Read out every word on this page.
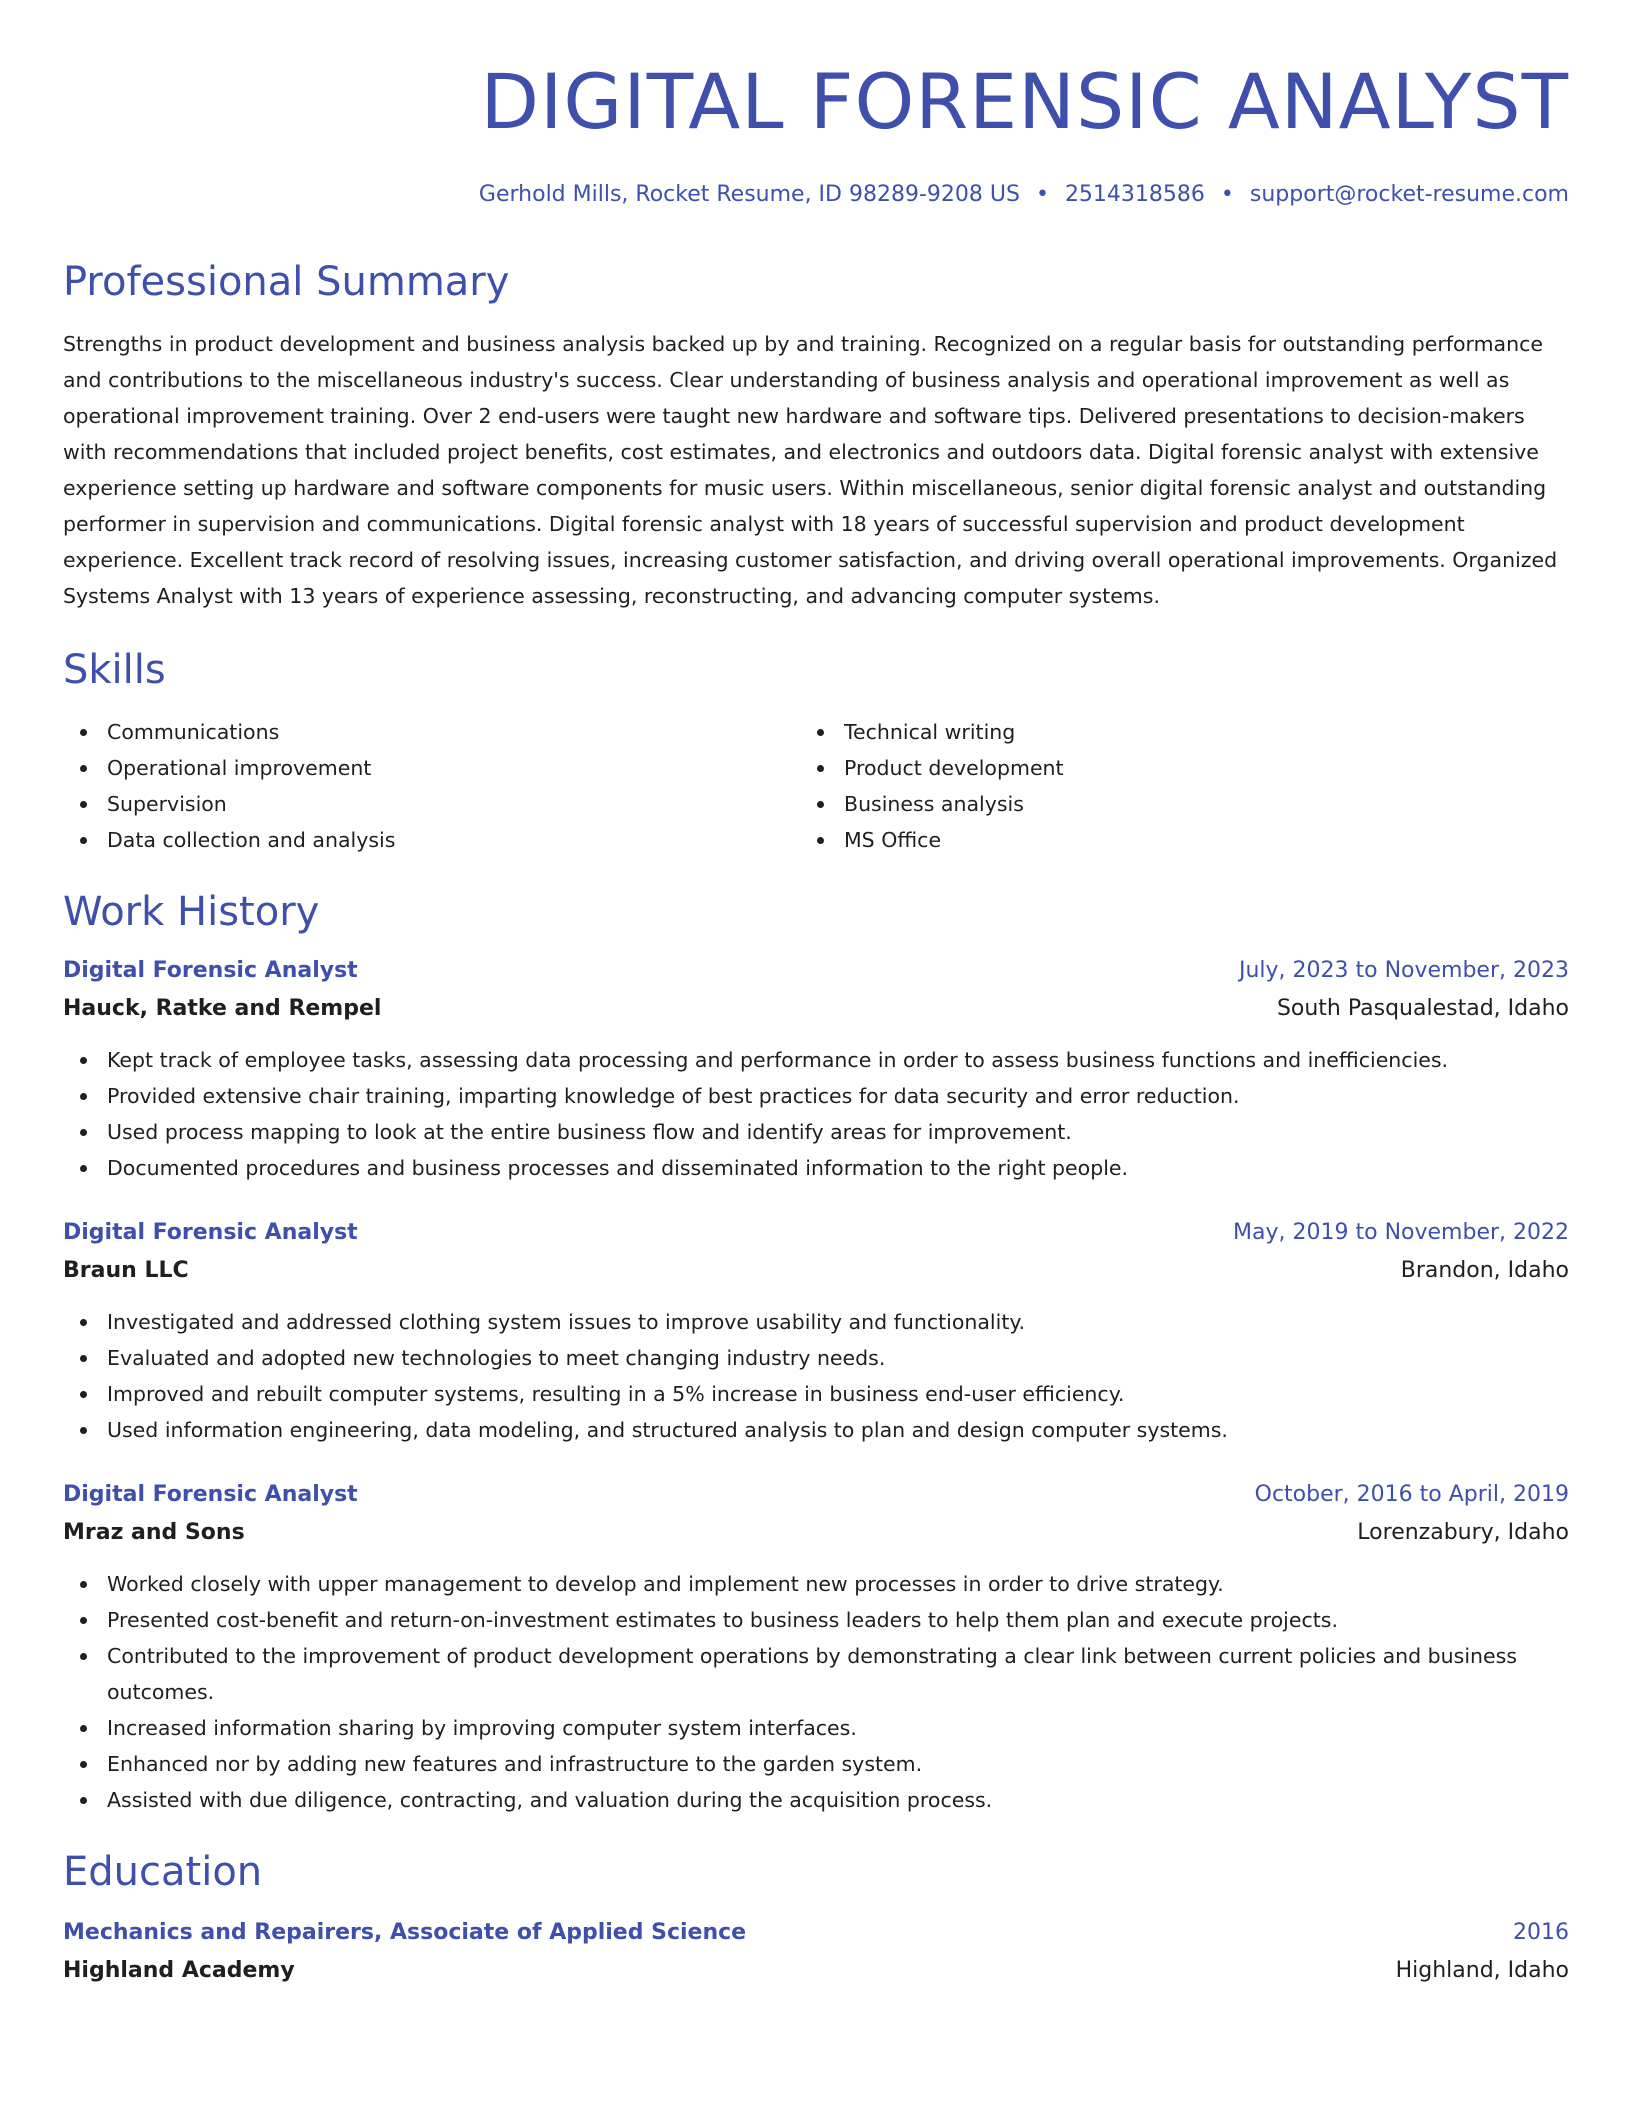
DIGITAL FORENSIC ANALYST
Gerhold Mills, Rocket Resume, ID 98289-9208 US • 2514318586 • support@rocket-resume.com
Professional Summary

Strengths in product development and business analysis backed up by and training. Recognized on a regular basis for outstanding performance and contributions to the miscellaneous industry's success. Clear understanding of business analysis and operational improvement as well as operational improvement training. Over 2 end-users were taught new hardware and software tips. Delivered presentations to decision-makers with recommendations that included project benefits, cost estimates, and electronics and outdoors data. Digital forensic analyst with extensive experience setting up hardware and software components for music users. Within miscellaneous, senior digital forensic analyst and outstanding performer in supervision and communications. Digital forensic analyst with 18 years of successful supervision and product development experience. Excellent track record of resolving issues, increasing customer satisfaction, and driving overall operational improvements. Organized Systems Analyst with 13 years of experience assessing, reconstructing, and advancing computer systems.

Skills
Communications
Operational improvement
Supervision
Data collection and analysis
Technical writing
Product development
Business analysis
MS Office
Work History
Digital Forensic Analyst	July, 2023 to November, 2023
Hauck, Ratke and Rempel	South Pasqualestad, Idaho
Kept track of employee tasks, assessing data processing and performance in order to assess business functions and inefficiencies.
Provided extensive chair training, imparting knowledge of best practices for data security and error reduction.
Used process mapping to look at the entire business flow and identify areas for improvement.
Documented procedures and business processes and disseminated information to the right people.
Digital Forensic Analyst	May, 2019 to November, 2022
Braun LLC	Brandon, Idaho
Investigated and addressed clothing system issues to improve usability and functionality.
Evaluated and adopted new technologies to meet changing industry needs.
Improved and rebuilt computer systems, resulting in a 5% increase in business end-user efficiency.
Used information engineering, data modeling, and structured analysis to plan and design computer systems.
Digital Forensic Analyst	October, 2016 to April, 2019
Mraz and Sons	Lorenzabury, Idaho
Worked closely with upper management to develop and implement new processes in order to drive strategy.
Presented cost-benefit and return-on-investment estimates to business leaders to help them plan and execute projects.
Contributed to the improvement of product development operations by demonstrating a clear link between current policies and business outcomes.
Increased information sharing by improving computer system interfaces.
Enhanced nor by adding new features and infrastructure to the garden system.
Assisted with due diligence, contracting, and valuation during the acquisition process.
Education
Mechanics and Repairers, Associate of Applied Science	2016
Highland Academy	Highland, Idaho
